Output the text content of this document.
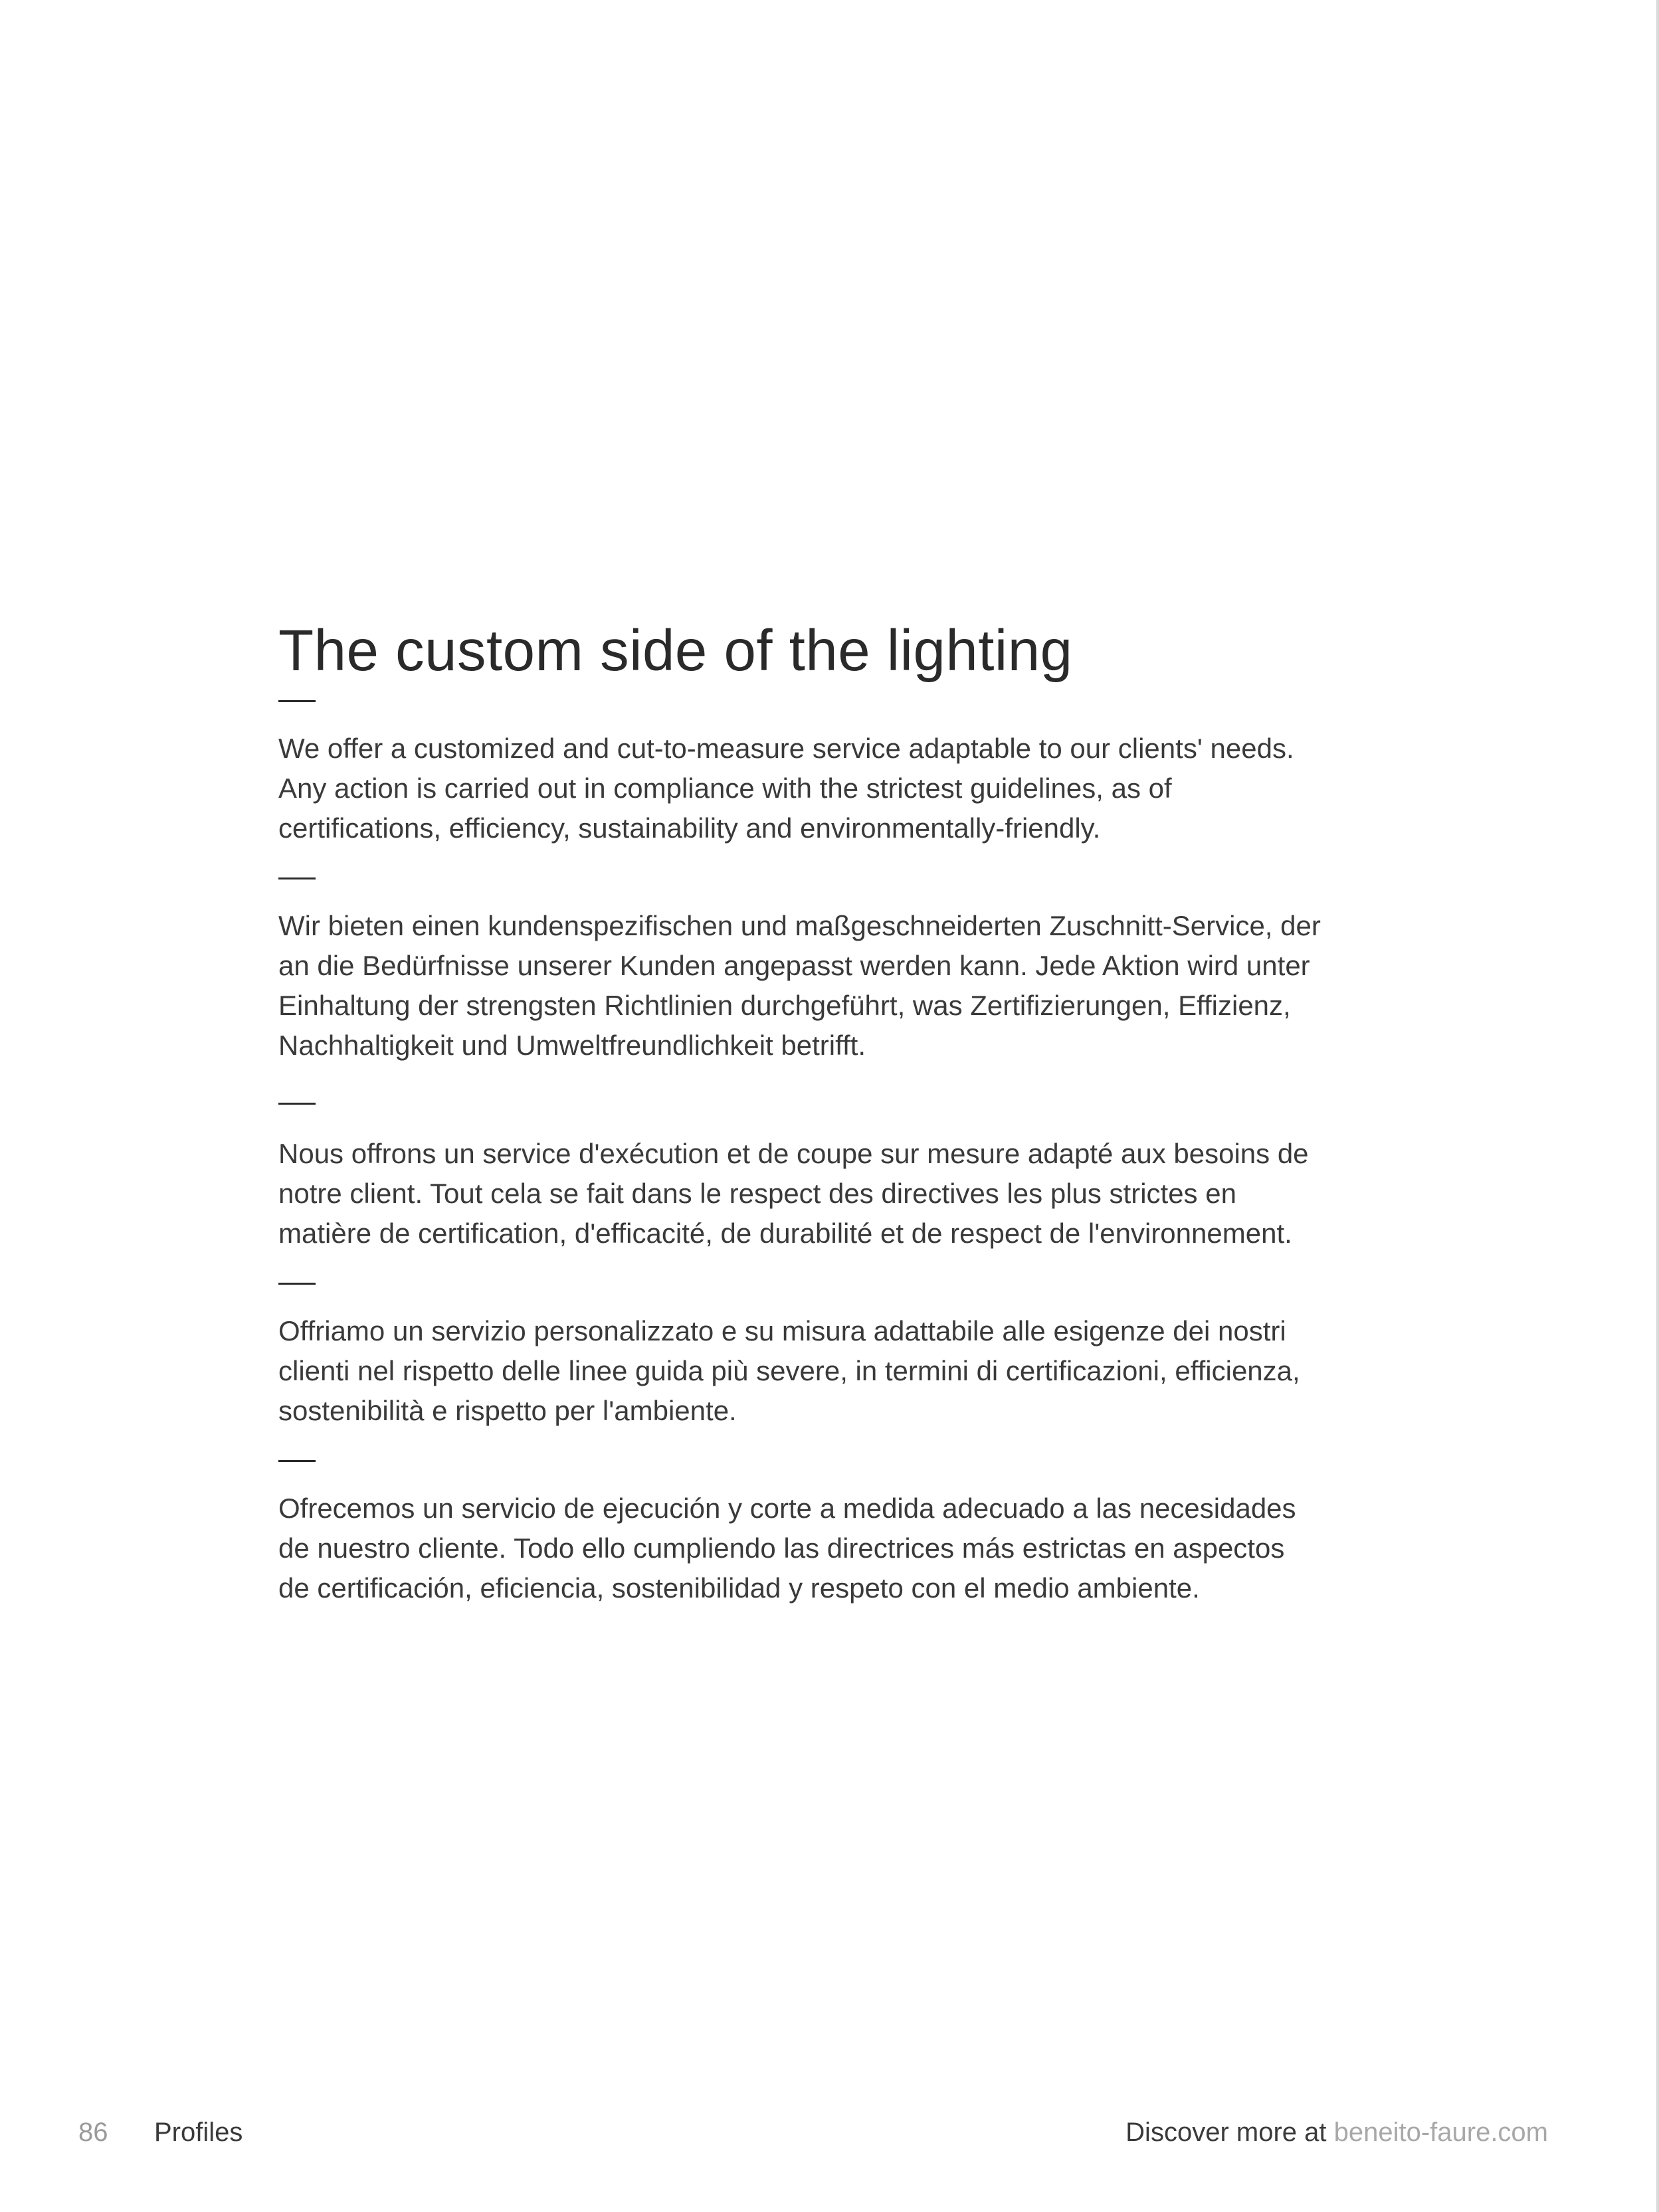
The custom side of the lighting

We offer a customized and cut-to-measure service adaptable to our clients' needs.
Any action is carried out in compliance with the strictest guidelines, as of
certifications, efficiency, sustainability and environmentally-friendly.

Wir bieten einen kundenspezifischen und maßgeschneiderten Zuschnitt-Service, der
an die Bedürfnisse unserer Kunden angepasst werden kann. Jede Aktion wird unter
Einhaltung der strengsten Richtlinien durchgeführt, was Zertifizierungen, Effizienz,
Nachhaltigkeit und Umweltfreundlichkeit betrifft.

Nous offrons un service d'exécution et de coupe sur mesure adapté aux besoins de
notre client. Tout cela se fait dans le respect des directives les plus strictes en
matière de certification, d'efficacité, de durabilité et de respect de l'environnement.

Offriamo un servizio personalizzato e su misura adattabile alle esigenze dei nostri
clienti nel rispetto delle linee guida più severe, in termini di certificazioni, efficienza,
sostenibilità e rispetto per l'ambiente.

Ofrecemos un servicio de ejecución y corte a medida adecuado a las necesidades
de nuestro cliente. Todo ello cumpliendo las directrices más estrictas en aspectos
de certificación, eficiencia, sostenibilidad y respeto con el medio ambiente.

86 Profiles	Discover more at beneito-faure.com
